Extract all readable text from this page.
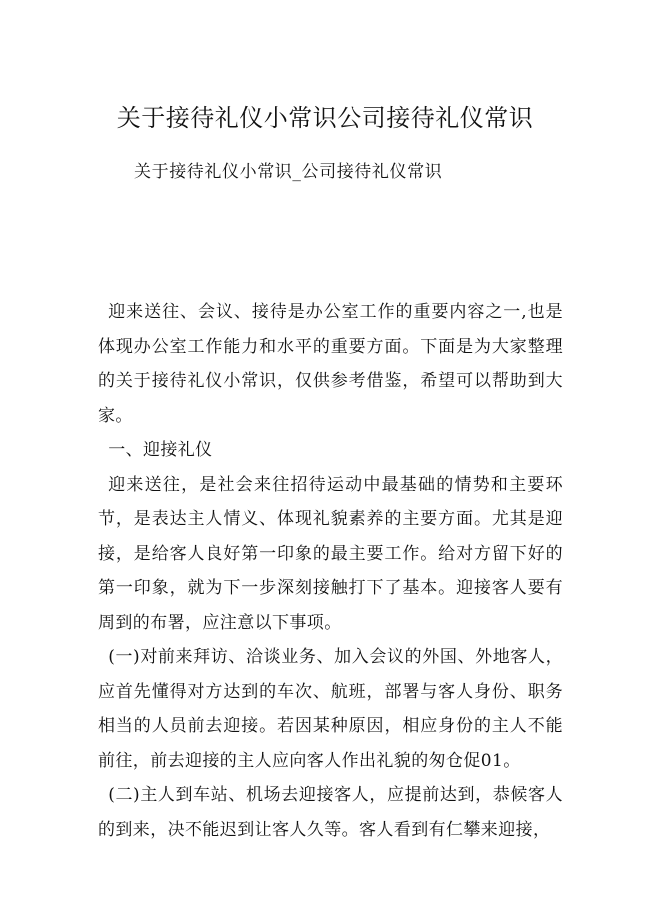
关于接待礼仪小常识公司接待礼仪常识

关于接待礼仪小常识_公司接待礼仪常识

迎来送往、会议、接待是办公室工作的重要内容之一,也是体现办公室工作能力和水平的重要方面。下面是为大家整理的关于接待礼仪小常识，仅供参考借鉴，希望可以帮助到大家。

一、迎接礼仪

迎来送往，是社会来往招待运动中最基础的情势和主要环节，是表达主人情义、体现礼貌素养的主要方面。尤其是迎接，是给客人良好第一印象的最主要工作。给对方留下好的第一印象，就为下一步深刻接触打下了基本。迎接客人要有周到的布署，应注意以下事项。

(一)对前来拜访、洽谈业务、加入会议的外国、外地客人，应首先懂得对方达到的车次、航班，部署与客人身份、职务相当的人员前去迎接。若因某种原因，相应身份的主人不能前往，前去迎接的主人应向客人作出礼貌的匆仓促01。

(二)主人到车站、机场去迎接客人，应提前达到，恭候客人的到来，决不能迟到让客人久等。客人看到有仁攀来迎接，
